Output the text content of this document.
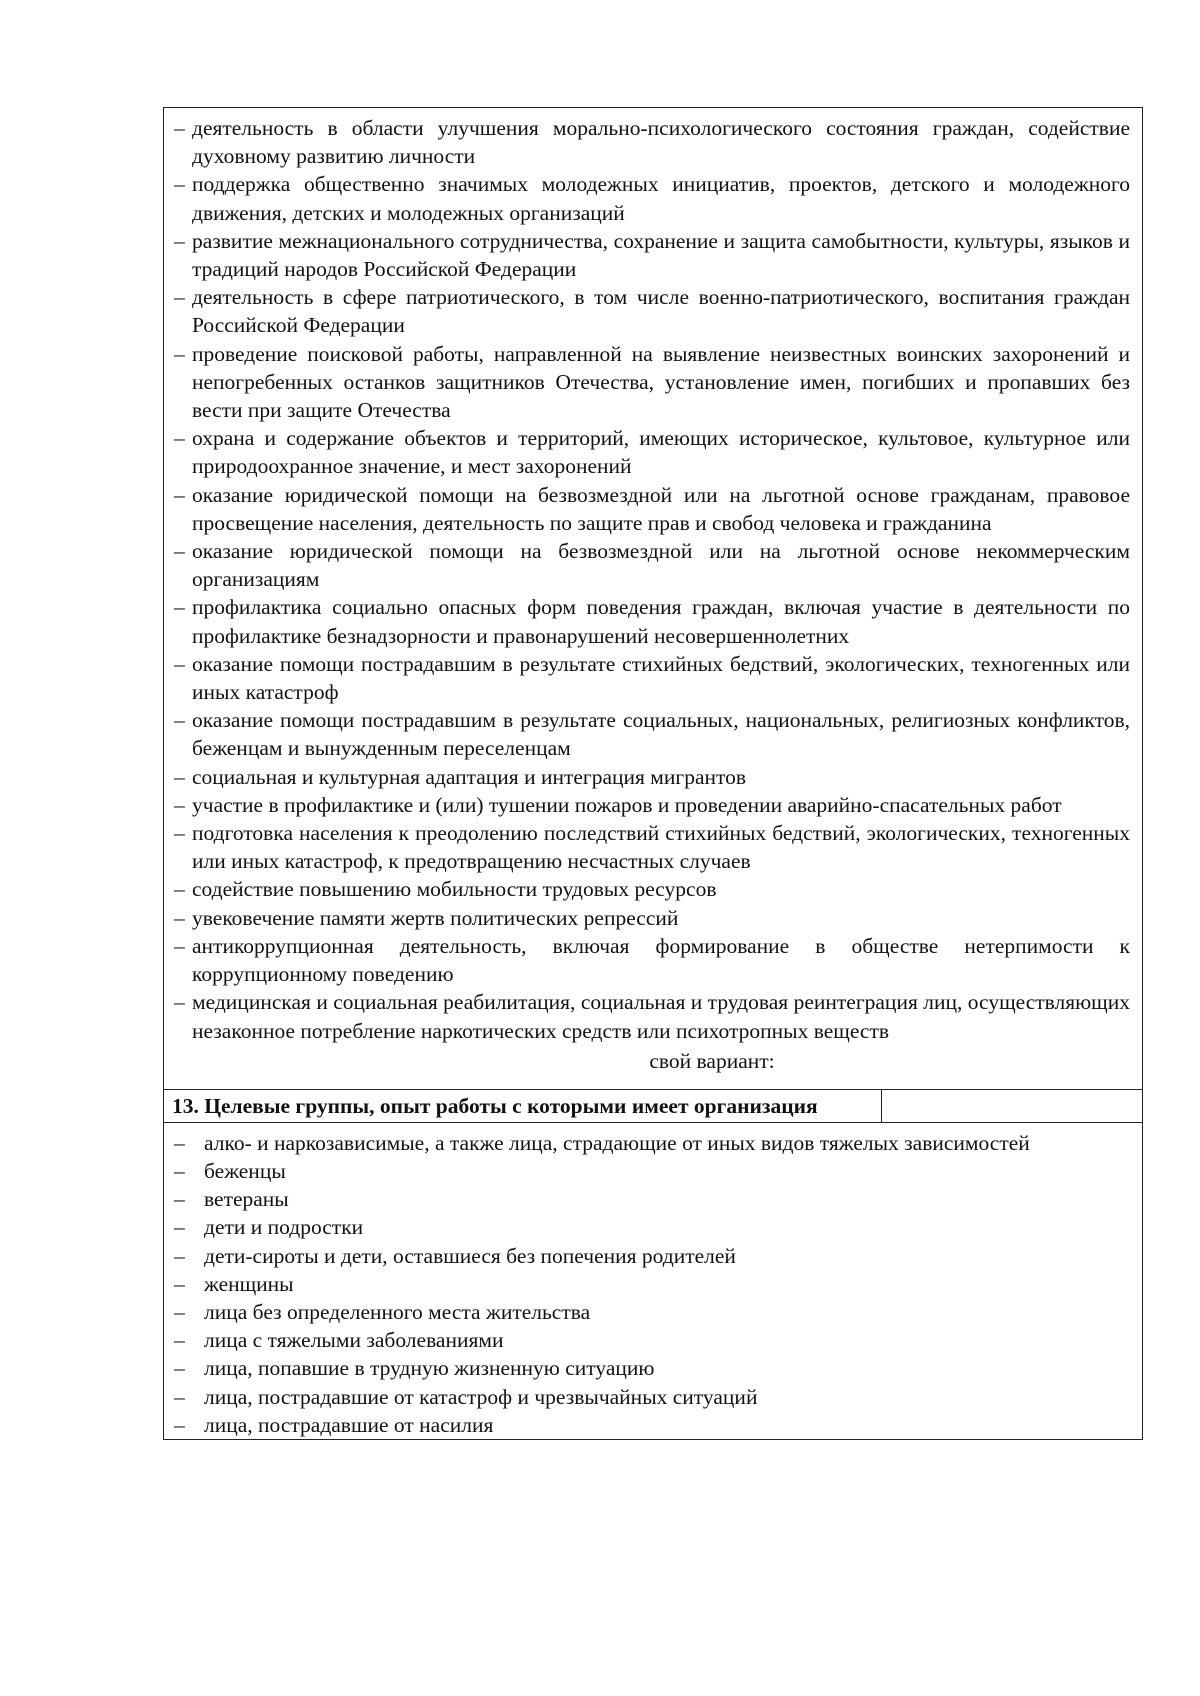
– деятельность в области улучшения морально-психологического состояния граждан, содействие духовному развитию личности
– поддержка общественно значимых молодежных инициатив, проектов, детского и молодежного движения, детских и молодежных организаций
– развитие межнационального сотрудничества, сохранение и защита самобытности, культуры, языков и традиций народов Российской Федерации
– деятельность в сфере патриотического, в том числе военно-патриотического, воспитания граждан Российской Федерации
– проведение поисковой работы, направленной на выявление неизвестных воинских захоронений и непогребенных останков защитников Отечества, установление имен, погибших и пропавших без вести при защите Отечества
– охрана и содержание объектов и территорий, имеющих историческое, культовое, культурное или природоохранное значение, и мест захоронений
– оказание юридической помощи на безвозмездной или на льготной основе гражданам, правовое просвещение населения, деятельность по защите прав и свобод человека и гражданина
– оказание юридической помощи на безвозмездной или на льготной основе некоммерческим организациям
– профилактика социально опасных форм поведения граждан, включая участие в деятельности по профилактике безнадзорности и правонарушений несовершеннолетних
– оказание помощи пострадавшим в результате стихийных бедствий, экологических, техногенных или иных катастроф
– оказание помощи пострадавшим в результате социальных, национальных, религиозных конфликтов, беженцам и вынужденным переселенцам
– социальная и культурная адаптация и интеграция мигрантов
– участие в профилактике и (или) тушении пожаров и проведении аварийно-спасательных работ
– подготовка населения к преодолению последствий стихийных бедствий, экологических, техногенных или иных катастроф, к предотвращению несчастных случаев
– содействие повышению мобильности трудовых ресурсов
– увековечение памяти жертв политических репрессий
– антикоррупционная деятельность, включая формирование в обществе нетерпимости к коррупционному поведению
– медицинская и социальная реабилитация, социальная и трудовая реинтеграция лиц, осуществляющих незаконное потребление наркотических средств или психотропных веществ
свой вариант:
13. Целевые группы, опыт работы с которыми имеет организация
– алко- и наркозависимые, а также лица, страдающие от иных видов тяжелых зависимостей
– беженцы
– ветераны
– дети и подростки
– дети-сироты и дети, оставшиеся без попечения родителей
– женщины
– лица без определенного места жительства
– лица с тяжелыми заболеваниями
– лица, попавшие в трудную жизненную ситуацию
– лица, пострадавшие от катастроф и чрезвычайных ситуаций
– лица, пострадавшие от насилия
